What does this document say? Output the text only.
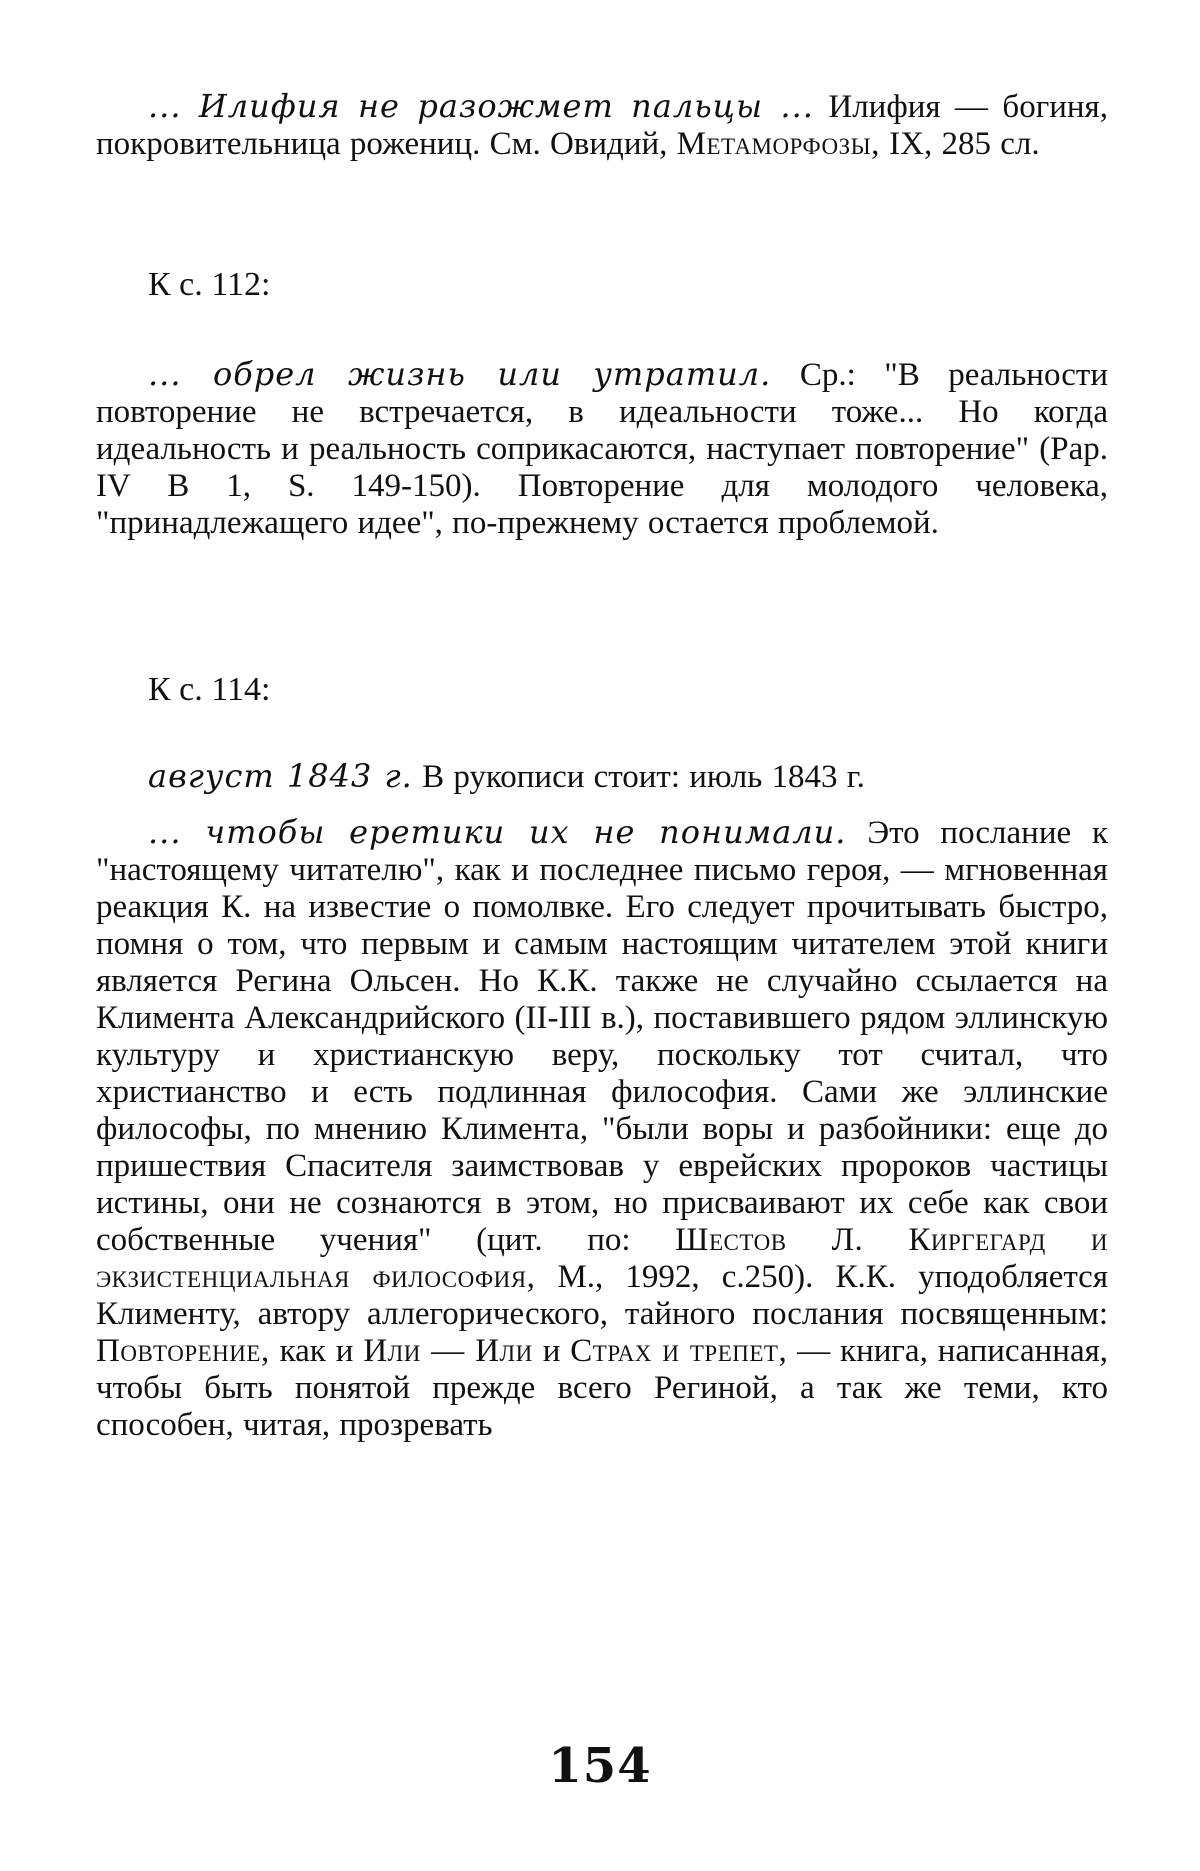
... Илифия не разожмет пальцы ... Илифия — богиня, покровительница рожениц. См. Овидий, Метаморфозы, IX, 285 сл.

К с. 112:

... обрел жизнь или утратил. Ср.: "В реальности повторение не встречается, в идеальности тоже... Но когда идеальность и реальность соприкасаются, наступает повторение" (Pap. IV B 1, S. 149-150). Повторение для молодого человека, "принадлежащего идее", по-прежнему остается проблемой.

К с. 114:

август 1843 г. В рукописи стоит: июль 1843 г.

... чтобы еретики их не понимали. Это послание к "настоящему читателю", как и последнее письмо героя, — мгновенная реакция К. на известие о помолвке. Его следует прочитывать быстро, помня о том, что первым и самым настоящим читателем этой книги является Регина Ольсен. Но К.К. также не случайно ссылается на Климента Александрийского (II-III в.), поставившего рядом эллинскую культуру и христианскую веру, поскольку тот считал, что христианство и есть подлинная философия. Сами же эллинские философы, по мнению Климента, "были воры и разбойники: еще до пришествия Спасителя заимствовав у еврейских пророков частицы истины, они не сознаются в этом, но присваивают их себе как свои собственные учения" (цит. по: Шестов Л. Киргегард и экзистенциальная философия, М., 1992, с.250). К.К. уподобляется Клименту, автору аллегорического, тайного послания посвященным: Повторение, как и Или — Или и Страх и трепет, — книга, написанная, чтобы быть понятой прежде всего Региной, а так же теми, кто способен, читая, прозревать

154
